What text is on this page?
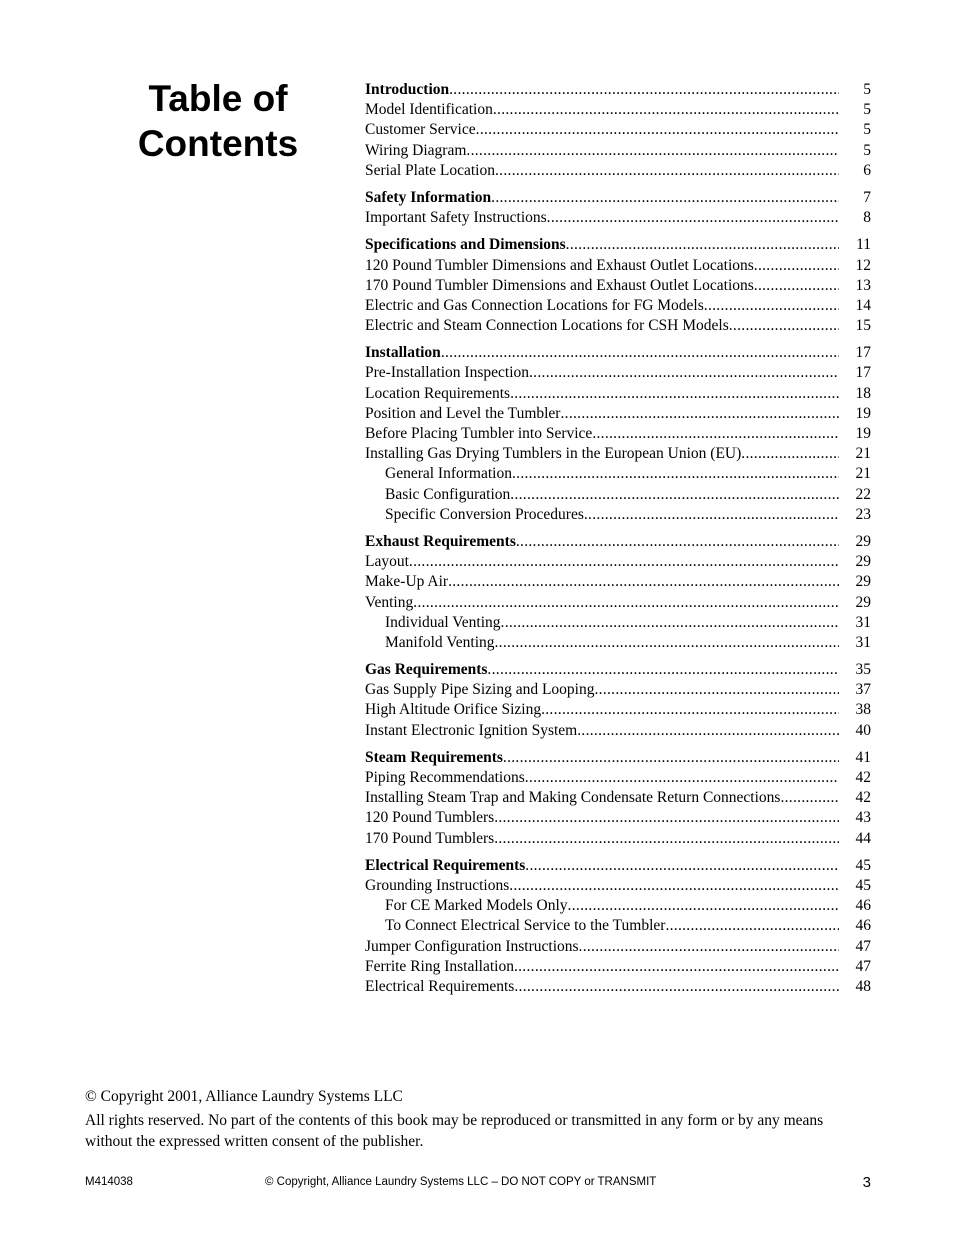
Table of
Contents
Introduction .....	5
Model Identification .....	5
Customer Service .....	5
Wiring Diagram .....	5
Serial Plate Location .....	6
Safety Information .....	7
Important Safety Instructions .....	8
Specifications and Dimensions .....	11
120 Pound Tumbler Dimensions and Exhaust Outlet Locations .....	12
170 Pound Tumbler Dimensions and Exhaust Outlet Locations .....	13
Electric and Gas Connection Locations for FG Models .....	14
Electric and Steam Connection Locations for CSH Models .....	15
Installation .....	17
Pre-Installation Inspection .....	17
Location Requirements .....	18
Position and Level the Tumbler .....	19
Before Placing Tumbler into Service .....	19
Installing Gas Drying Tumblers in the European Union (EU) .....	21
General Information .....	21
Basic Configuration .....	22
Specific Conversion Procedures .....	23
Exhaust Requirements .....	29
Layout .....	29
Make-Up Air .....	29
Venting .....	29
Individual Venting .....	31
Manifold Venting .....	31
Gas Requirements .....	35
Gas Supply Pipe Sizing and Looping .....	37
High Altitude Orifice Sizing .....	38
Instant Electronic Ignition System .....	40
Steam Requirements .....	41
Piping Recommendations .....	42
Installing Steam Trap and Making Condensate Return Connections .....	42
120 Pound Tumblers .....	43
170 Pound Tumblers .....	44
Electrical Requirements .....	45
Grounding Instructions .....	45
For CE Marked Models Only .....	46
To Connect Electrical Service to the Tumbler .....	46
Jumper Configuration Instructions .....	47
Ferrite Ring Installation .....	47
Electrical Requirements .....	48

© Copyright 2001, Alliance Laundry Systems LLC

All rights reserved. No part of the contents of this book may be reproduced or transmitted in any form or by any means without the expressed written consent of the publisher.

M414038	© Copyright, Alliance Laundry Systems LLC – DO NOT COPY or TRANSMIT	3
